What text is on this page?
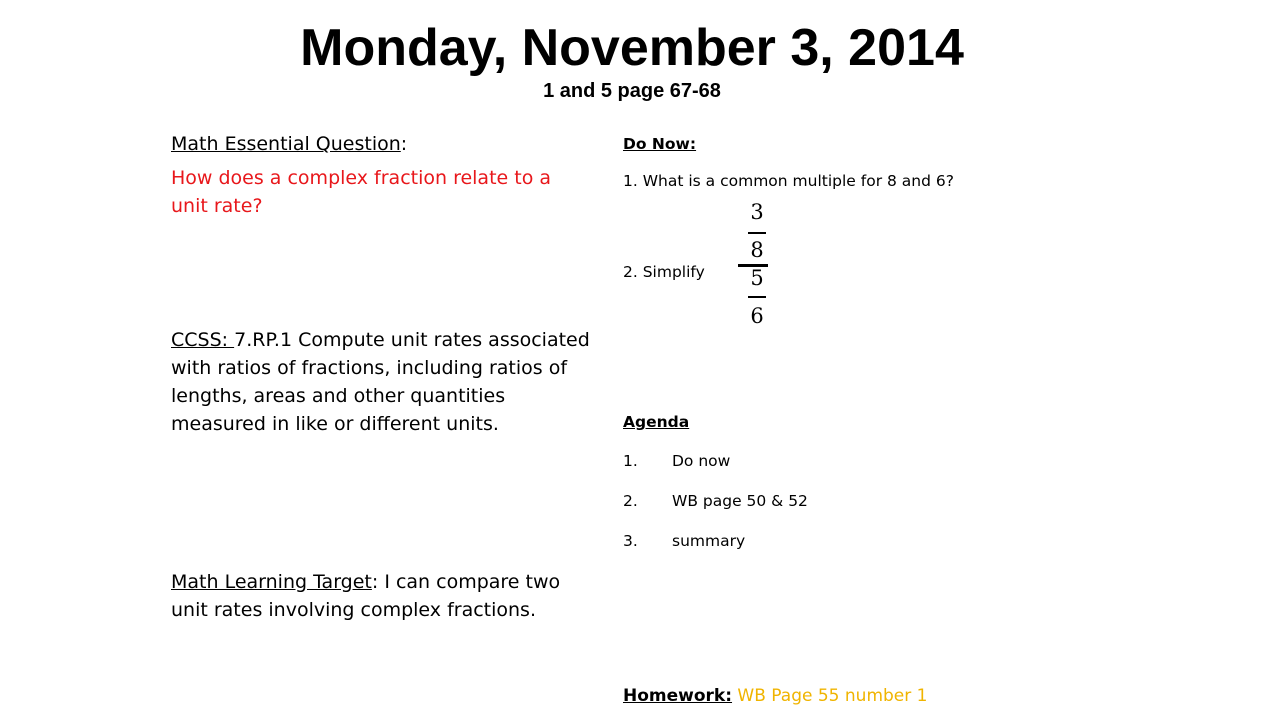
Monday, November 3, 2014
1 and 5 page 67-68
Math Essential Question:
How does a complex fraction relate to a unit rate?
CCSS: 7.RP.1 Compute unit rates associated with ratios of fractions, including ratios of lengths, areas and other quantities measured in like or different units.
Math Learning Target: I can compare two unit rates involving complex fractions.
Do Now:
1. What is a common multiple for 8 and 6?
2. Simplify
Agenda
1. Do now
2. WB page 50 & 52
3. summary
Homework: WB Page 55 number 1
3
8
5
6
